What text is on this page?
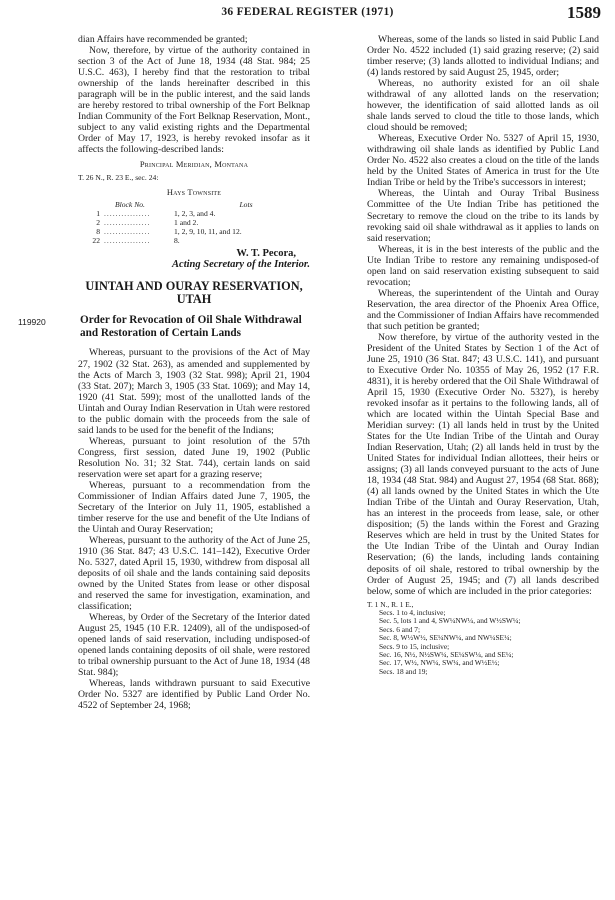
36 FEDERAL REGISTER (1971)	1589
119920

dian Affairs have recommended be granted;

Now, therefore, by virtue of the authority contained in section 3 of the Act of June 18, 1934 (48 Stat. 984; 25 U.S.C. 463), I hereby find that the restoration to tribal ownership of the lands hereinafter described in this paragraph will be in the public interest, and the said lands are hereby restored to tribal ownership of the Fort Belknap Indian Community of the Fort Belknap Reservation, Mont., subject to any valid existing rights and the Departmental Order of May 17, 1923, is hereby revoked insofar as it affects the following-described lands:

Principal Meridian, Montana
T. 26 N., R. 23 E., sec. 24:
Hays Townsite
Block No.		Lots
1	................	1, 2, 3, and 4.
2	................	1 and 2.
8	................	1, 2, 9, 10, 11, and 12.
22	................	8.
W. T. Pecora,
Acting Secretary of the Interior.
UINTAH AND OURAY RESERVATION, UTAH
Order for Revocation of Oil Shale Withdrawal and Restoration of Certain Lands

Whereas, pursuant to the provisions of the Act of May 27, 1902 (32 Stat. 263), as amended and supplemented by the Acts of March 3, 1903 (32 Stat. 998); April 21, 1904 (33 Stat. 207); March 3, 1905 (33 Stat. 1069); and May 14, 1920 (41 Stat. 599); most of the unallotted lands of the Uintah and Ouray Indian Reservation in Utah were restored to the public domain with the proceeds from the sale of said lands to be used for the benefit of the Indians;

Whereas, pursuant to joint resolution of the 57th Congress, first session, dated June 19, 1902 (Public Resolution No. 31; 32 Stat. 744), certain lands on said reservation were set apart for a grazing reserve;

Whereas, pursuant to a recommendation from the Commissioner of Indian Affairs dated June 7, 1905, the Secretary of the Interior on July 11, 1905, established a timber reserve for the use and benefit of the Ute Indians of the Uintah and Ouray Reservation;

Whereas, pursuant to the authority of the Act of June 25, 1910 (36 Stat. 847; 43 U.S.C. 141–142), Executive Order No. 5327, dated April 15, 1930, withdrew from disposal all deposits of oil shale and the lands containing said deposits owned by the United States from lease or other disposal and reserved the same for investigation, examination, and classification;

Whereas, by Order of the Secretary of the Interior dated August 25, 1945 (10 F.R. 12409), all of the undisposed-of opened lands of said reservation, including undisposed-of opened lands containing deposits of oil shale, were restored to tribal ownership pursuant to the Act of June 18, 1934 (48 Stat. 984);

Whereas, lands withdrawn pursuant to said Executive Order No. 5327 are identified by Public Land Order No. 4522 of September 24, 1968;

Whereas, some of the lands so listed in said Public Land Order No. 4522 included (1) said grazing reserve; (2) said timber reserve; (3) lands allotted to individual Indians; and (4) lands restored by said August 25, 1945, order;

Whereas, no authority existed for an oil shale withdrawal of any allotted lands on the reservation; however, the identification of said allotted lands as oil shale lands served to cloud the title to those lands, which cloud should be removed;

Whereas, Executive Order No. 5327 of April 15, 1930, withdrawing oil shale lands as identified by Public Land Order No. 4522 also creates a cloud on the title of the lands held by the United States of America in trust for the Ute Indian Tribe or held by the Tribe's successors in interest;

Whereas, the Uintah and Ouray Tribal Business Committee of the Ute Indian Tribe has petitioned the Secretary to remove the cloud on the tribe to its lands by revoking said oil shale withdrawal as it applies to lands on said reservation;

Whereas, it is in the best interests of the public and the Ute Indian Tribe to restore any remaining undisposed-of open land on said reservation existing subsequent to said revocation;

Whereas, the superintendent of the Uintah and Ouray Reservation, the area director of the Phoenix Area Office, and the Commissioner of Indian Affairs have recommended that such petition be granted;

Now therefore, by virtue of the authority vested in the President of the United States by Section 1 of the Act of June 25, 1910 (36 Stat. 847; 43 U.S.C. 141), and pursuant to Executive Order No. 10355 of May 26, 1952 (17 F.R. 4831), it is hereby ordered that the Oil Shale Withdrawal of April 15, 1930 (Executive Order No. 5327), is hereby revoked insofar as it pertains to the following lands, all of which are located within the Uintah Special Base and Meridian survey: (1) all lands held in trust by the United States for the Ute Indian Tribe of the Uintah and Ouray Indian Reservation, Utah; (2) all lands held in trust by the United States for individual Indian allottees, their heirs or assigns; (3) all lands conveyed pursuant to the acts of June 18, 1934 (48 Stat. 984) and August 27, 1954 (68 Stat. 868); (4) all lands owned by the United States in which the Ute Indian Tribe of the Uintah and Ouray Reservation, Utah, has an interest in the proceeds from lease, sale, or other disposition; (5) the lands within the Forest and Grazing Reserves which are held in trust by the United States for the Ute Indian Tribe of the Uintah and Ouray Indian Reservation; (6) the lands, including lands containing deposits of oil shale, restored to tribal ownership by the Order of August 25, 1945; and (7) all lands described below, some of which are included in the prior categories:

T. 1 N., R. 1 E.,
Secs. 1 to 4, inclusive;
Sec. 5, lots 1 and 4, SW¼NW¼, and W½SW¼;
Secs. 6 and 7;
Sec. 8, W½W½, SE¼NW¼, and NW¼SE¼;
Secs. 9 to 15, inclusive;
Sec. 16, N½, N½SW¼, SE¼SW¼, and SE¼;
Sec. 17, W½, NW¼, SW¼, and W½E½;
Secs. 18 and 19;
